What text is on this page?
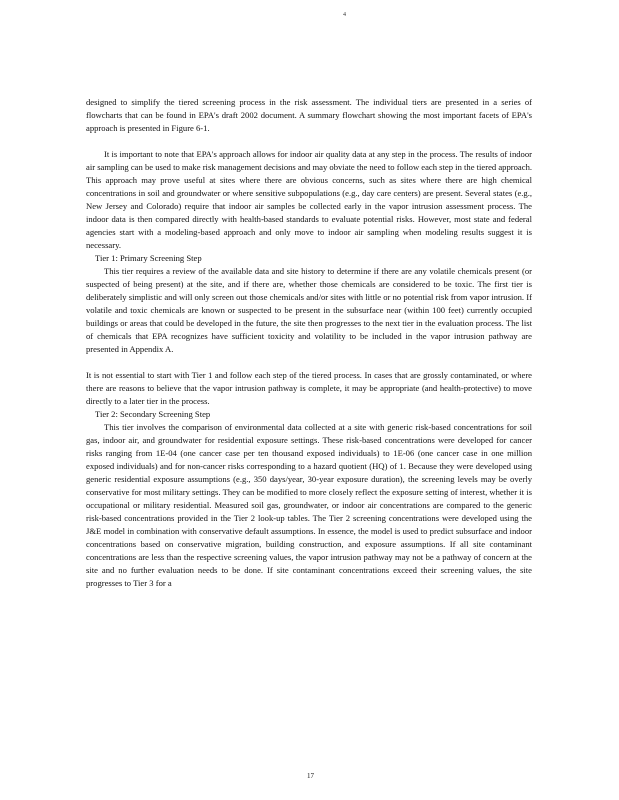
4

designed to simplify the tiered screening process in the risk assessment. The individual tiers are presented in a series of flowcharts that can be found in EPA's draft 2002 document. A summary flowchart showing the most important facets of EPA's approach is presented in Figure 6-1.

It is important to note that EPA's approach allows for indoor air quality data at any step in the process. The results of indoor air sampling can be used to make risk management decisions and may obviate the need to follow each step in the tiered approach. This approach may prove useful at sites where there are obvious concerns, such as sites where there are high chemical concentrations in soil and groundwater or where sensitive subpopulations (e.g., day care centers) are present. Several states (e.g., New Jersey and Colorado) require that indoor air samples be collected early in the vapor intrusion assessment process. The indoor data is then compared directly with health-based standards to evaluate potential risks. However, most state and federal agencies start with a modeling-based approach and only move to indoor air sampling when modeling results suggest it is necessary.

Tier 1: Primary Screening Step

This tier requires a review of the available data and site history to determine if there are any volatile chemicals present (or suspected of being present) at the site, and if there are, whether those chemicals are considered to be toxic. The first tier is deliberately simplistic and will only screen out those chemicals and/or sites with little or no potential risk from vapor intrusion. If volatile and toxic chemicals are known or suspected to be present in the subsurface near (within 100 feet) currently occupied buildings or areas that could be developed in the future, the site then progresses to the next tier in the evaluation process. The list of chemicals that EPA recognizes have sufficient toxicity and volatility to be included in the vapor intrusion pathway are presented in Appendix A.

It is not essential to start with Tier 1 and follow each step of the tiered process. In cases that are grossly contaminated, or where there are reasons to believe that the vapor intrusion pathway is complete, it may be appropriate (and health-protective) to move directly to a later tier in the process.

Tier 2: Secondary Screening Step

This tier involves the comparison of environmental data collected at a site with generic risk-based concentrations for soil gas, indoor air, and groundwater for residential exposure settings. These risk-based concentrations were developed for cancer risks ranging from 1E-04 (one cancer case per ten thousand exposed individuals) to 1E-06 (one cancer case in one million exposed individuals) and for non-cancer risks corresponding to a hazard quotient (HQ) of 1. Because they were developed using generic residential exposure assumptions (e.g., 350 days/year, 30-year exposure duration), the screening levels may be overly conservative for most military settings. They can be modified to more closely reflect the exposure setting of interest, whether it is occupational or military residential. Measured soil gas, groundwater, or indoor air concentrations are compared to the generic risk-based concentrations provided in the Tier 2 look-up tables. The Tier 2 screening concentrations were developed using the J&E model in combination with conservative default assumptions. In essence, the model is used to predict subsurface and indoor concentrations based on conservative migration, building construction, and exposure assumptions. If all site contaminant concentrations are less than the respective screening values, the vapor intrusion pathway may not be a pathway of concern at the site and no further evaluation needs to be done. If site contaminant concentrations exceed their screening values, the site progresses to Tier 3 for a

17
